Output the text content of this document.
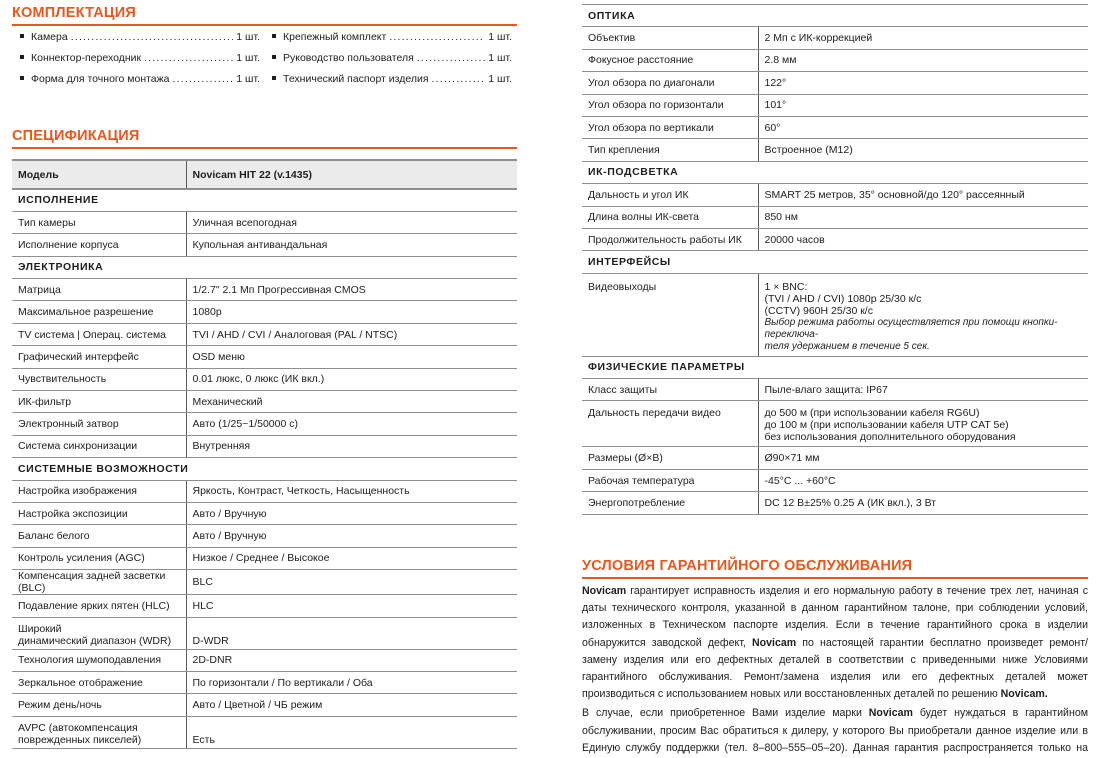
КОМПЛЕКТАЦИЯ
Камера .....	1 шт. Крепежный комплект .....	1 шт.
Коннектор-переходник .....	1 шт. Руководство пользователя .....	1 шт.
Форма для точного монтажа .....	1 шт. Технический паспорт изделия .....	1 шт.
СПЕЦИФИКАЦИЯ
Модель	Novicam HIT 22 (v.1435)
ИСПОЛНЕНИЕ	
Тип камеры	Уличная всепогодная
Исполнение корпуса	Купольная антивандальная
ЭЛЕКТРОНИКА	
Матрица	1/2.7" 2.1 Мп Прогрессивная CMOS
Максимальное разрешение	1080p
TV система | Операц. система	TVI / AHD / CVI / Аналоговая (PAL / NTSC)
Графический интерфейс	OSD меню
Чувствительность	0.01 люкс, 0 люкс (ИК вкл.)
ИК-фильтр	Механический
Электронный затвор	Авто (1/25~1/50000 с)
Система синхронизации	Внутренняя
СИСТЕМНЫЕ ВОЗМОЖНОСТИ	
Настройка изображения	Яркость, Контраст, Четкость, Насыщенность
Настройка экспозиции	Авто / Вручную
Баланс белого	Авто / Вручную
Контроль усиления (AGC)	Низкое / Среднее / Высокое
Компенсация задней засветки (BLC)	BLC
Подавление ярких пятен (HLC)	HLC

Широкий
динамический диапазон (WDR)	D-WDR
Технология шумоподавления	2D-DNR
Зеркальное отображение	По горизонтали / По вертикали / Оба
Режим день/ночь	Авто / Цветной / ЧБ режим

AVPC (автокомпенсация
поврежденных пикселей)	Есть
ОПТИКА	
Объектив	2 Мп с ИК-коррекцией
Фокусное расстояние	2.8 мм
Угол обзора по диагонали	122°
Угол обзора по горизонтали	101°
Угол обзора по вертикали	60°
Тип крепления	Встроенное (M12)
ИК-ПОДСВЕТКА	
Дальность и угол ИК	SMART 25 метров, 35° основной/до 120° рассеянный
Длина волны ИК-света	850 нм
Продолжительность работы ИК	20000 часов
ИНТЕРФЕЙСЫ	
Видеовыходы	1 × BNC:
(TVI / AHD / CVI) 1080p 25/30 к/с
(CCTV) 960H 25/30 к/с
Выбор режима работы осуществляется при помощи кнопки-переключа-
теля удержанием в течение 5 сек.

ФИЗИЧЕСКИЕ ПАРАМЕТРЫ	
Класс защиты	Пыле-влаго защита: IP67
Дальность передачи видео	до 500 м (при использовании кабеля RG6U)
до 100 м (при использовании кабеля UTP CAT 5e)
без использования дополнительного оборудования

Размеры (Ø×В)	Ø90×71 мм
Рабочая температура	-45°C ... +60°C
Энергопотребление	DC 12 В±25% 0.25 А (ИК вкл.), 3 Вт
УСЛОВИЯ ГАРАНТИЙНОГО ОБСЛУЖИВАНИЯ

Novicam гарантирует исправность изделия и его нормальную работу в течение трех лет, начиная с даты технического контроля, указанной в данном гарантийном талоне, при соблюдении условий, изложенных в Техническом паспорте изделия. Если в течение гарантийного срока в изделии обнаружится заводской дефект, Novicam по настоящей гарантии бесплатно произведет ремонт/замену изделия или его дефектных деталей в соответствии с приведенными ниже Условиями гарантийного обслуживания. Ремонт/замена изделия или его дефектных деталей может производиться с использованием новых или восстановленных деталей по решению Novicam.

В случае, если приобретенное Вами изделие марки Novicam будет нуждаться в гарантийном обслуживании, просим Вас обратиться к дилеру, у которого Вы приобретали данное изделие или в Единую службу поддержки (тел. 8–800–555–05–20). Данная гарантия распространяется только на
